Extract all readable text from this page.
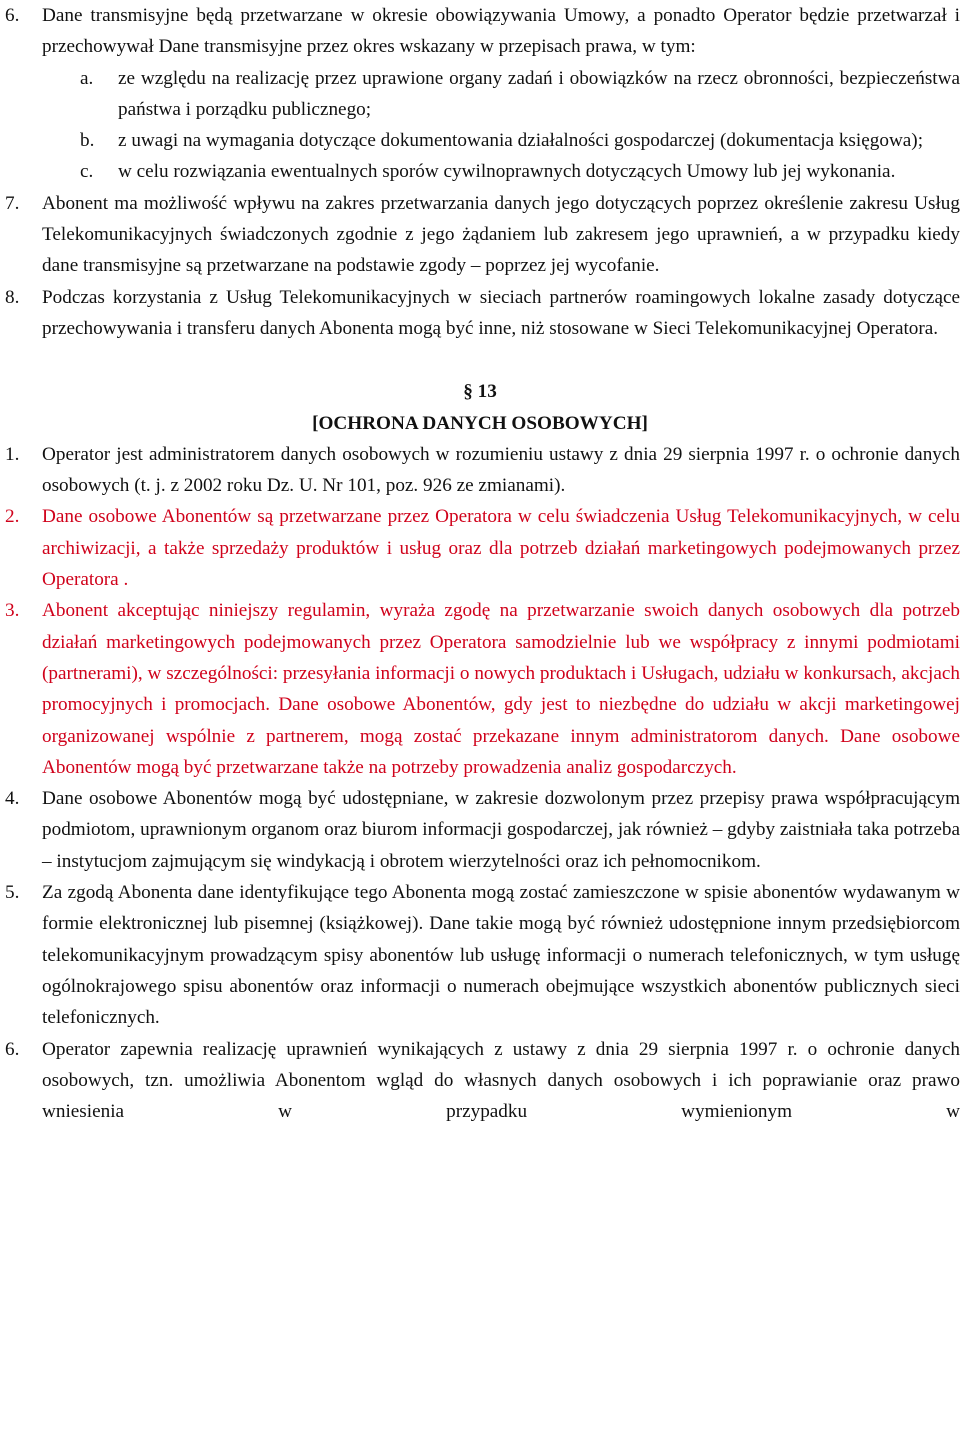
6. Dane transmisyjne będą przetwarzane w okresie obowiązywania Umowy, a ponadto Operator będzie przetwarzał i przechowywał Dane transmisyjne przez okres wskazany w przepisach prawa, w tym:
a. ze względu na realizację przez uprawione organy zadań i obowiązków na rzecz obronności, bezpieczeństwa państwa i porządku publicznego;
b. z uwagi na wymagania dotyczące dokumentowania działalności gospodarczej (dokumentacja księgowa);
c. w celu rozwiązania ewentualnych sporów cywilnoprawnych dotyczących Umowy lub jej wykonania.
7. Abonent ma możliwość wpływu na zakres przetwarzania danych jego dotyczących poprzez określenie zakresu Usług Telekomunikacyjnych świadczonych zgodnie z jego żądaniem lub zakresem jego uprawnień, a w przypadku kiedy dane transmisyjne są przetwarzane na podstawie zgody – poprzez jej wycofanie.
8. Podczas korzystania z Usług Telekomunikacyjnych w sieciach partnerów roamingowych lokalne zasady dotyczące przechowywania i transferu danych Abonenta mogą być inne, niż stosowane w Sieci Telekomunikacyjnej Operatora.
§ 13
[OCHRONA DANYCH OSOBOWYCH]
1. Operator jest administratorem danych osobowych w rozumieniu ustawy z dnia 29 sierpnia 1997 r. o ochronie danych osobowych (t. j. z 2002 roku Dz. U. Nr 101, poz. 926 ze zmianami).
2. Dane osobowe Abonentów są przetwarzane przez Operatora w celu świadczenia Usług Telekomunikacyjnych, w celu archiwizacji, a także sprzedaży produktów i usług oraz dla potrzeb działań marketingowych podejmowanych przez Operatora .
3. Abonent akceptując niniejszy regulamin, wyraża zgodę na przetwarzanie swoich danych osobowych dla potrzeb działań marketingowych podejmowanych przez Operatora samodzielnie lub we współpracy z innymi podmiotami (partnerami), w szczególności: przesyłania informacji o nowych produktach i Usługach, udziału w konkursach, akcjach promocyjnych i promocjach. Dane osobowe Abonentów, gdy jest to niezbędne do udziału w akcji marketingowej organizowanej wspólnie z partnerem, mogą zostać przekazane innym administratorom danych. Dane osobowe Abonentów mogą być przetwarzane także na potrzeby prowadzenia analiz gospodarczych.
4. Dane osobowe Abonentów mogą być udostępniane, w zakresie dozwolonym przez przepisy prawa współpracującym podmiotom, uprawnionym organom oraz biurom informacji gospodarczej, jak również – gdyby zaistniała taka potrzeba – instytucjom zajmującym się windykacją i obrotem wierzytelności oraz ich pełnomocnikom.
5. Za zgodą Abonenta dane identyfikujące tego Abonenta mogą zostać zamieszczone w spisie abonentów wydawanym w formie elektronicznej lub pisemnej (książkowej). Dane takie mogą być również udostępnione innym przedsiębiorcom telekomunikacyjnym prowadzącym spisy abonentów lub usługę informacji o numerach telefonicznych, w tym usługę ogólnokrajowego spisu abonentów oraz informacji o numerach obejmujące wszystkich abonentów publicznych sieci telefonicznych.
6. Operator zapewnia realizację uprawnień wynikających z ustawy z dnia 29 sierpnia 1997 r. o ochronie danych osobowych, tzn. umożliwia Abonentom wgląd do własnych danych osobowych i ich poprawianie oraz prawo wniesienia w przypadku wymienionym w
